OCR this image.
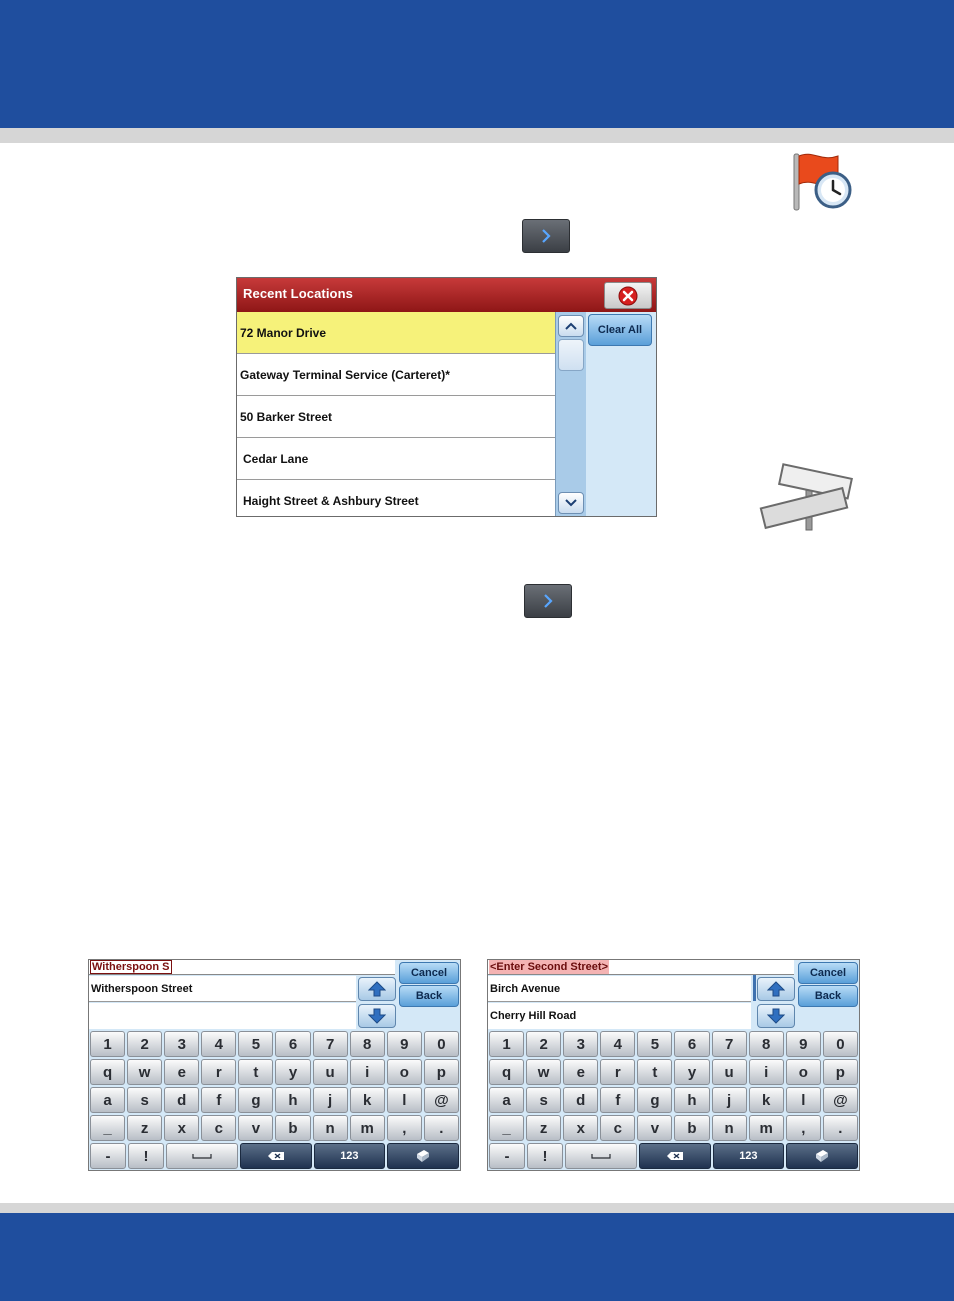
Recent Locations
72 Manor Drive
Gateway Terminal Service (Carteret)*
50 Barker Street
Cedar Lane
Haight Street & Ashbury Street
Clear All
Witherspoon S
Witherspoon Street
Cancel
Back
1	2	3	4	5	6	7	8	9	0
q	w	e	r	t	y	u	i	o	p
a	s	d	f	g	h	j	k	l	@
_	z	x	c	v	b	n	m	,	.
-	!	123
<Enter Second Street>
Birch Avenue
Cherry Hill Road
Cancel
Back
1	2	3	4	5	6	7	8	9	0
q	w	e	r	t	y	u	i	o	p
a	s	d	f	g	h	j	k	l	@
_	z	x	c	v	b	n	m	,	.
-	!	123
